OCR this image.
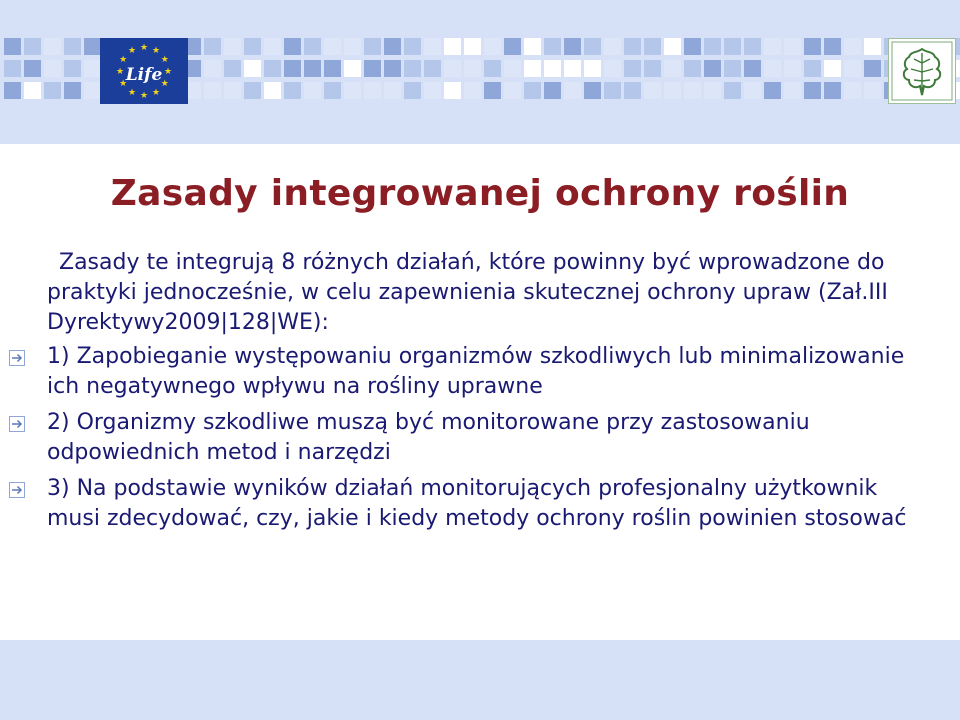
★ ★
★
★
★
★
★
★
★
★
★
★
Life
Zasady integrowanej ochrony roślin

Zasady te integrują 8 różnych działań, które powinny być wprowadzone do praktyki jednocześnie, w celu zapewnienia skutecznej ochrony upraw (Zał.III Dyrektywy2009|128|WE):

1) Zapobieganie występowaniu organizmów szkodliwych lub minimalizowanie ich negatywnego wpływu na rośliny uprawne

2) Organizmy szkodliwe muszą być monitorowane przy zastosowaniu odpowiednich metod i narzędzi

3) Na podstawie wyników działań monitorujących profesjonalny użytkownik musi zdecydować, czy, jakie i kiedy metody ochrony roślin powinien stosować
